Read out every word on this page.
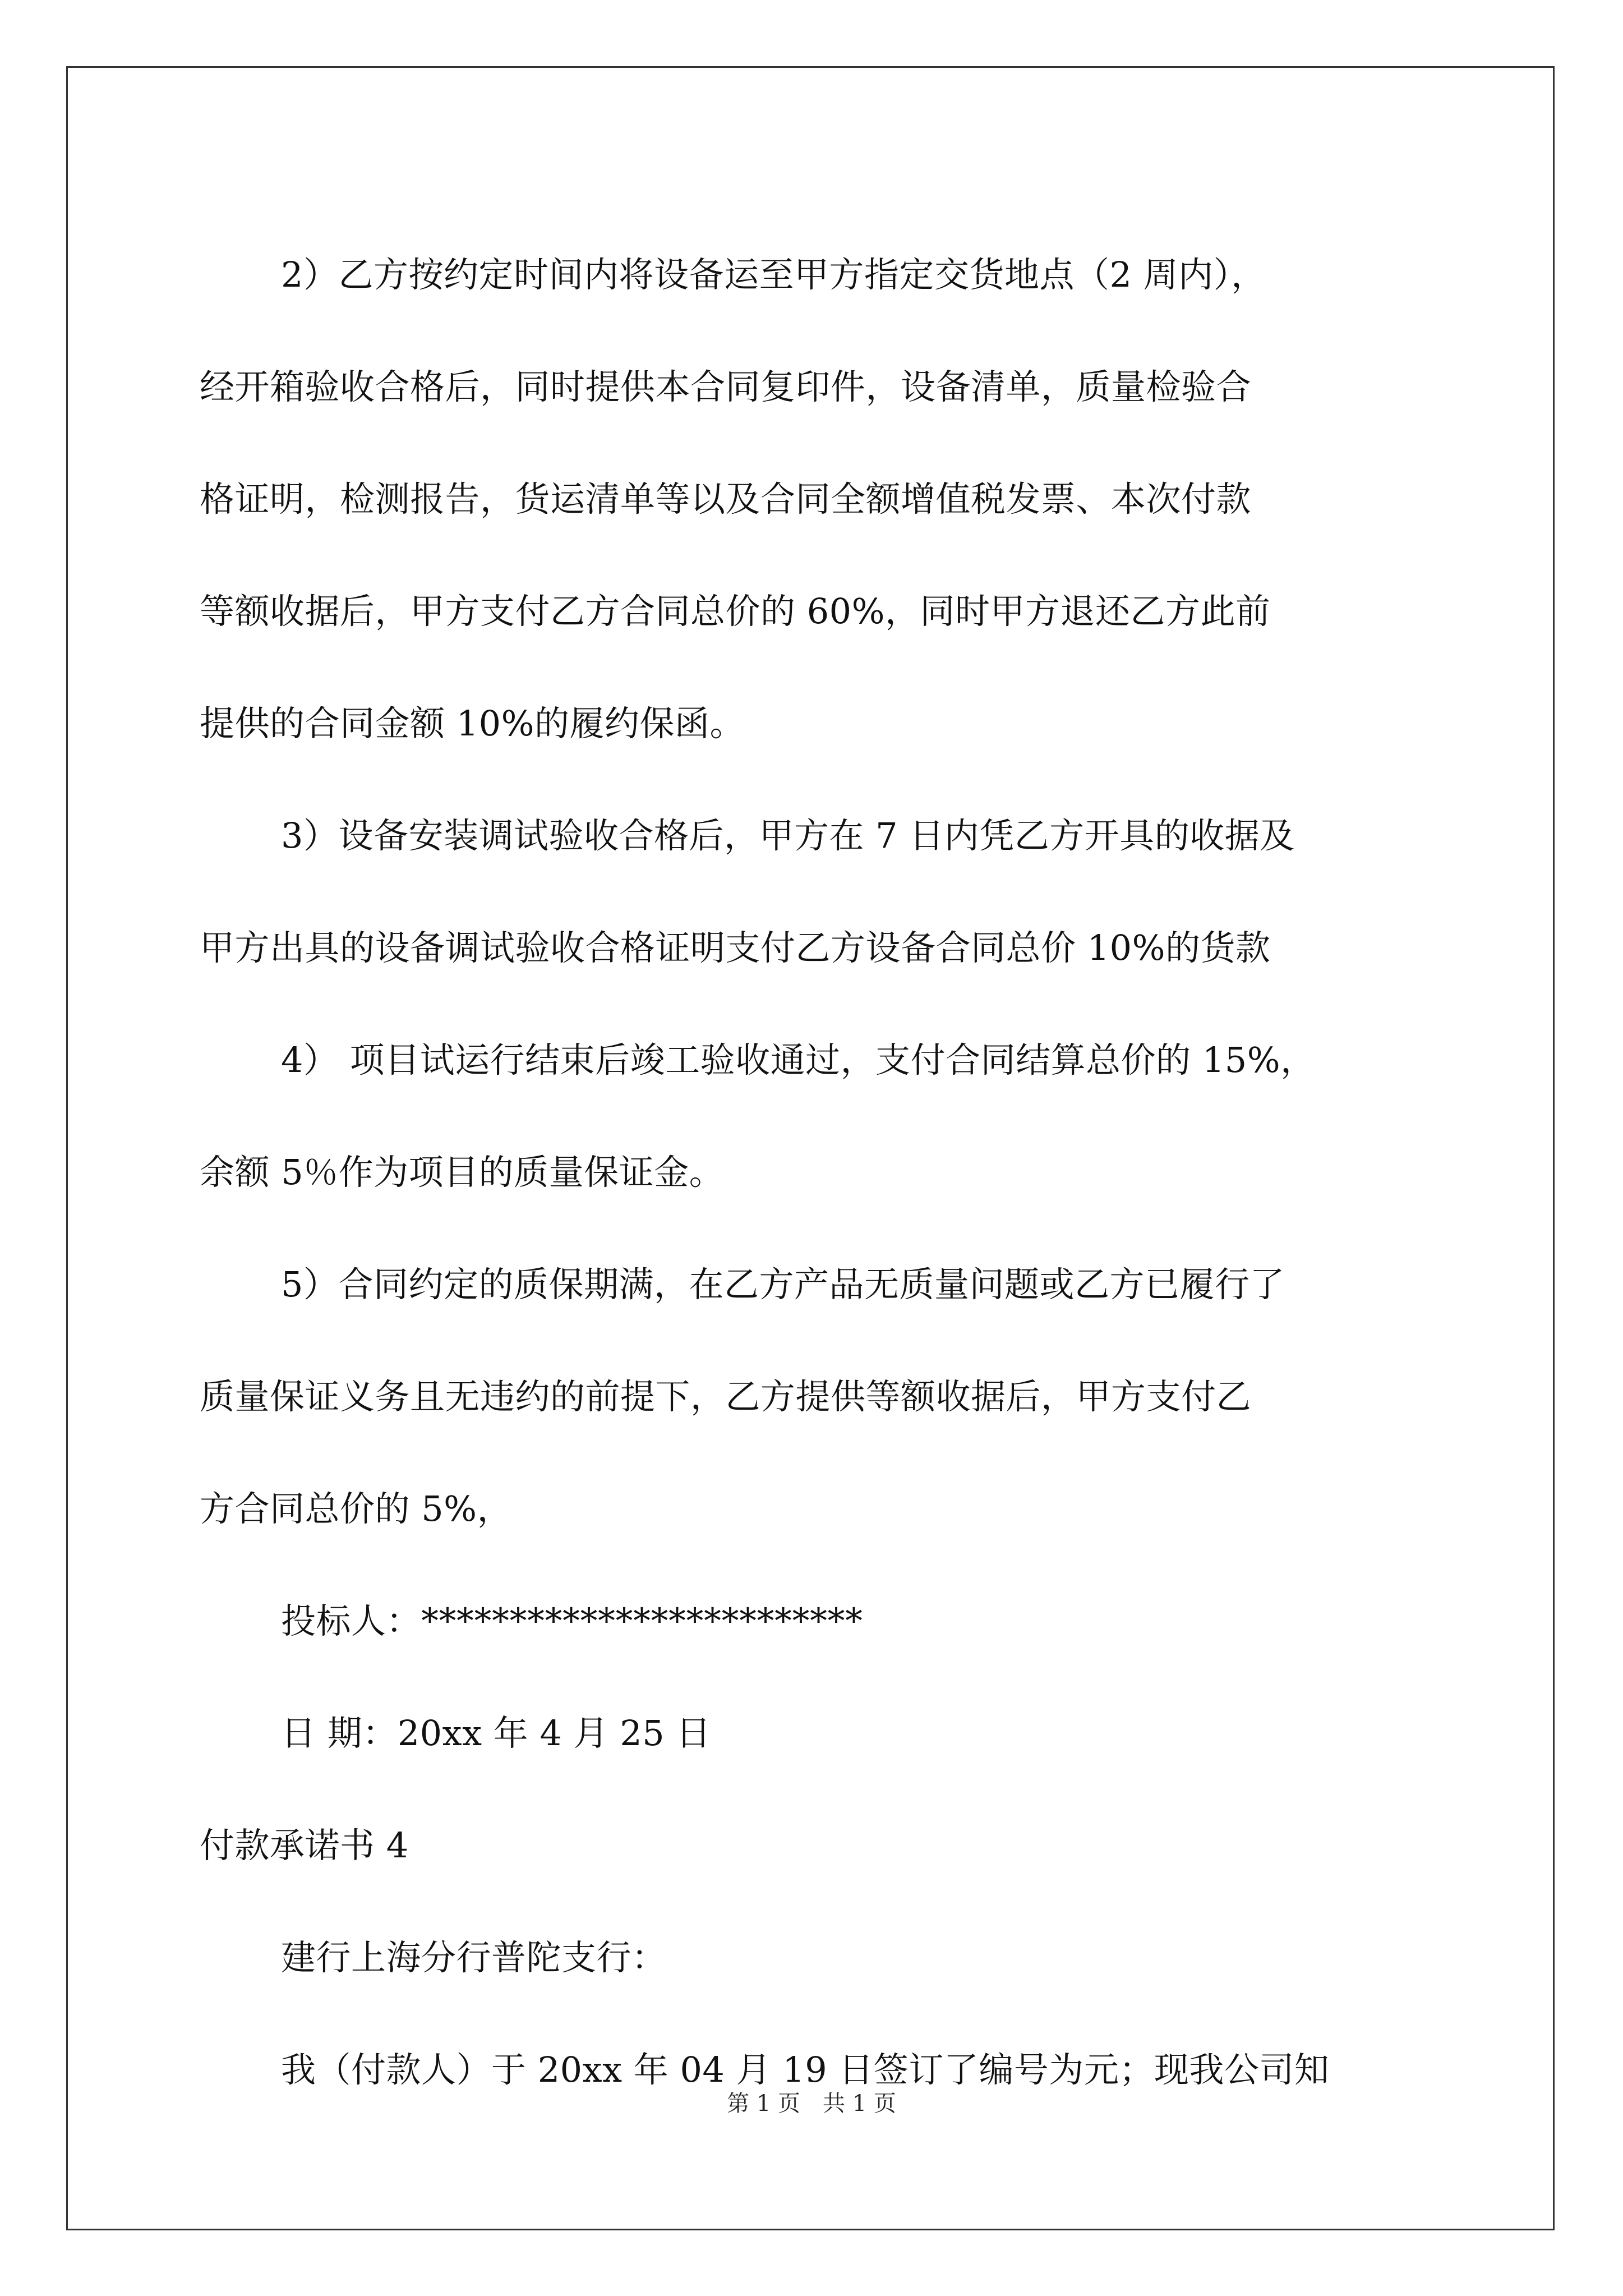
2）乙方按约定时间内将设备运至甲方指定交货地点（2 周内），

经开箱验收合格后，同时提供本合同复印件，设备清单，质量检验合

格证明，检测报告，货运清单等以及合同全额增值税发票、本次付款

等额收据后，甲方支付乙方合同总价的 60%，同时甲方退还乙方此前

提供的合同金额 10%的履约保函。

3）设备安装调试验收合格后，甲方在 7 日内凭乙方开具的收据及

甲方出具的设备调试验收合格证明支付乙方设备合同总价 10%的货款

4） 项目试运行结束后竣工验收通过，支付合同结算总价的 15%，

余额 5％作为项目的质量保证金。

5）合同约定的质保期满，在乙方产品无质量问题或乙方已履行了

质量保证义务且无违约的前提下，乙方提供等额收据后，甲方支付乙

方合同总价的 5%，

投标人：*************************

日 期：20xx 年 4 月 25 日

付款承诺书 4

建行上海分行普陀支行：

我（付款人）于 20xx 年 04 月 19 日签订了编号为元；现我公司知

第 1 页　共 1 页
